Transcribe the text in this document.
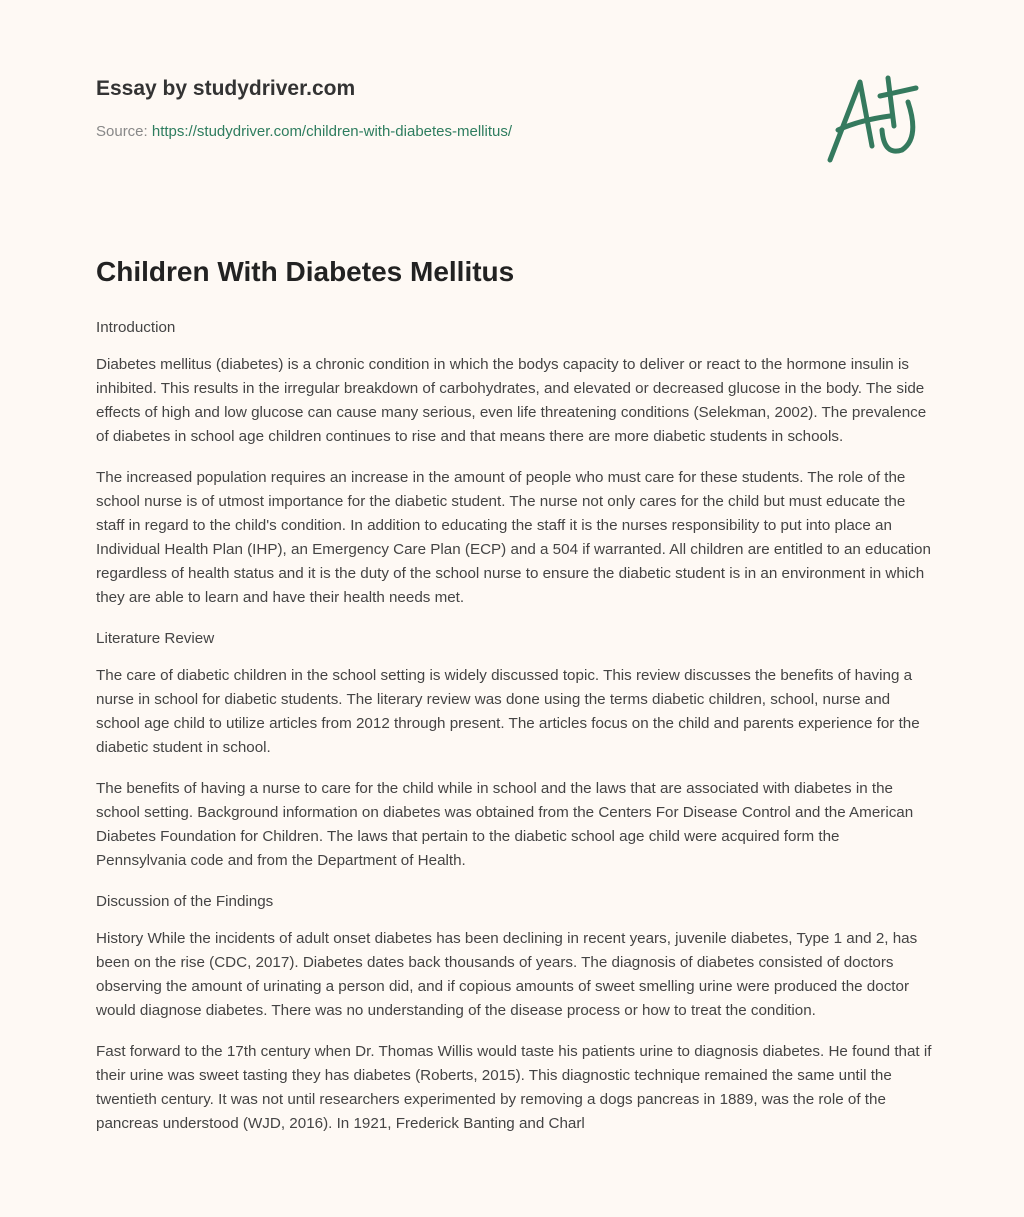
Essay by studydriver.com

Source: https://studydriver.com/children-with-diabetes-mellitus/
Children With Diabetes Mellitus
Introduction

Diabetes mellitus (diabetes) is a chronic condition in which the bodys capacity to deliver or react to the hormone insulin is inhibited. This results in the irregular breakdown of carbohydrates, and elevated or decreased glucose in the body. The side effects of high and low glucose can cause many serious, even life threatening conditions (Selekman, 2002). The prevalence of diabetes in school age children continues to rise and that means there are more diabetic students in schools.

The increased population requires an increase in the amount of people who must care for these students. The role of the school nurse is of utmost importance for the diabetic student. The nurse not only cares for the child but must educate the staff in regard to the child's condition. In addition to educating the staff it is the nurses responsibility to put into place an Individual Health Plan (IHP), an Emergency Care Plan (ECP) and a 504 if warranted. All children are entitled to an education regardless of health status and it is the duty of the school nurse to ensure the diabetic student is in an environment in which they are able to learn and have their health needs met.

Literature Review

The care of diabetic children in the school setting is widely discussed topic. This review discusses the benefits of having a nurse in school for diabetic students. The literary review was done using the terms diabetic children, school, nurse and school age child to utilize articles from 2012 through present. The articles focus on the child and parents experience for the diabetic student in school.

The benefits of having a nurse to care for the child while in school and the laws that are associated with diabetes in the school setting. Background information on diabetes was obtained from the Centers For Disease Control and the American Diabetes Foundation for Children. The laws that pertain to the diabetic school age child were acquired form the Pennsylvania code and from the Department of Health.

Discussion of the Findings

History While the incidents of adult onset diabetes has been declining in recent years, juvenile diabetes, Type 1 and 2, has been on the rise (CDC, 2017). Diabetes dates back thousands of years. The diagnosis of diabetes consisted of doctors observing the amount of urinating a person did, and if copious amounts of sweet smelling urine were produced the doctor would diagnose diabetes. There was no understanding of the disease process or how to treat the condition.

Fast forward to the 17th century when Dr. Thomas Willis would taste his patients urine to diagnosis diabetes. He found that if their urine was sweet tasting they has diabetes (Roberts, 2015). This diagnostic technique remained the same until the twentieth century. It was not until researchers experimented by removing a dogs pancreas in 1889, was the role of the pancreas understood (WJD, 2016). In 1921, Frederick Banting and Charl
